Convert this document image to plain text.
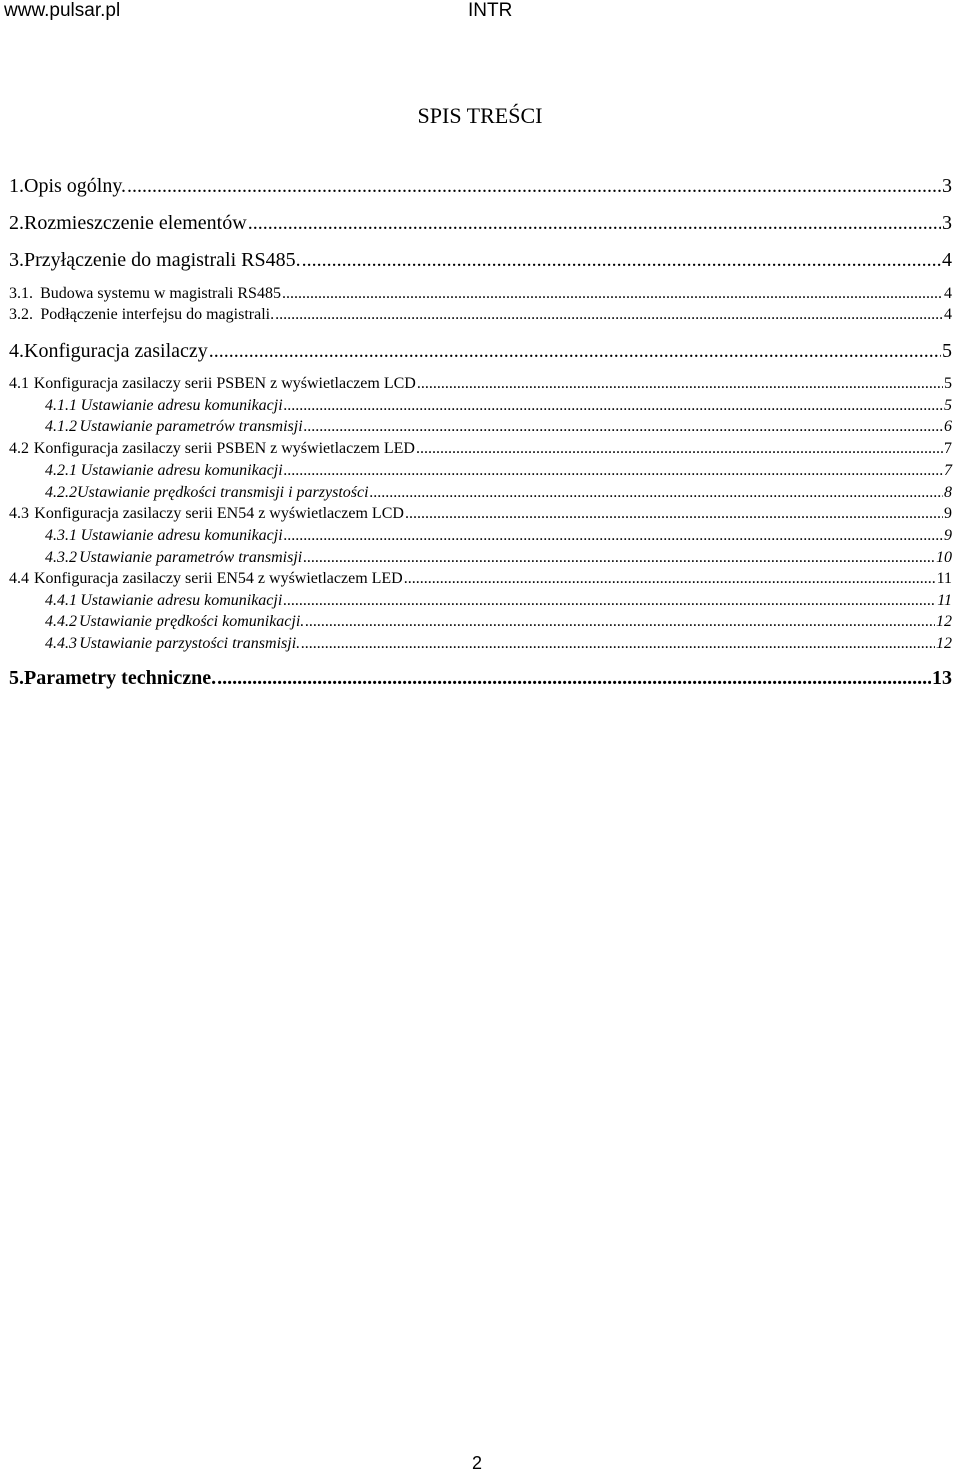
www.pulsar.pl	INTR
SPIS TREŚCI
1. Opis ogólny. .....	3
2. Rozmieszczenie elementów .....	3
3. Przyłączenie do magistrali RS485. .....	4
3.1. Budowa systemu w magistrali RS485 .....	4
3.2. Podłączenie interfejsu do magistrali. .....	4
4. Konfiguracja zasilaczy .....	5
4.1 Konfiguracja zasilaczy serii PSBEN z wyświetlaczem LCD .....	5
4.1.1 Ustawianie adresu komunikacji .....	5
4.1.2 Ustawianie parametrów transmisji .....	6
4.2 Konfiguracja zasilaczy serii PSBEN z wyświetlaczem LED .....	7
4.2.1 Ustawianie adresu komunikacji .....	7
4.2.2 Ustawianie prędkości transmisji i parzystości .....	8
4.3 Konfiguracja zasilaczy serii EN54 z wyświetlaczem LCD .....	9
4.3.1 Ustawianie adresu komunikacji .....	9
4.3.2 Ustawianie parametrów transmisji .....	10
4.4 Konfiguracja zasilaczy serii EN54 z wyświetlaczem LED .....	11
4.4.1 Ustawianie adresu komunikacji .....	11
4.4.2 Ustawianie prędkości komunikacji. .....	12
4.4.3 Ustawianie parzystości transmisji. .....	12
5. Parametry techniczne. .....	13
2
